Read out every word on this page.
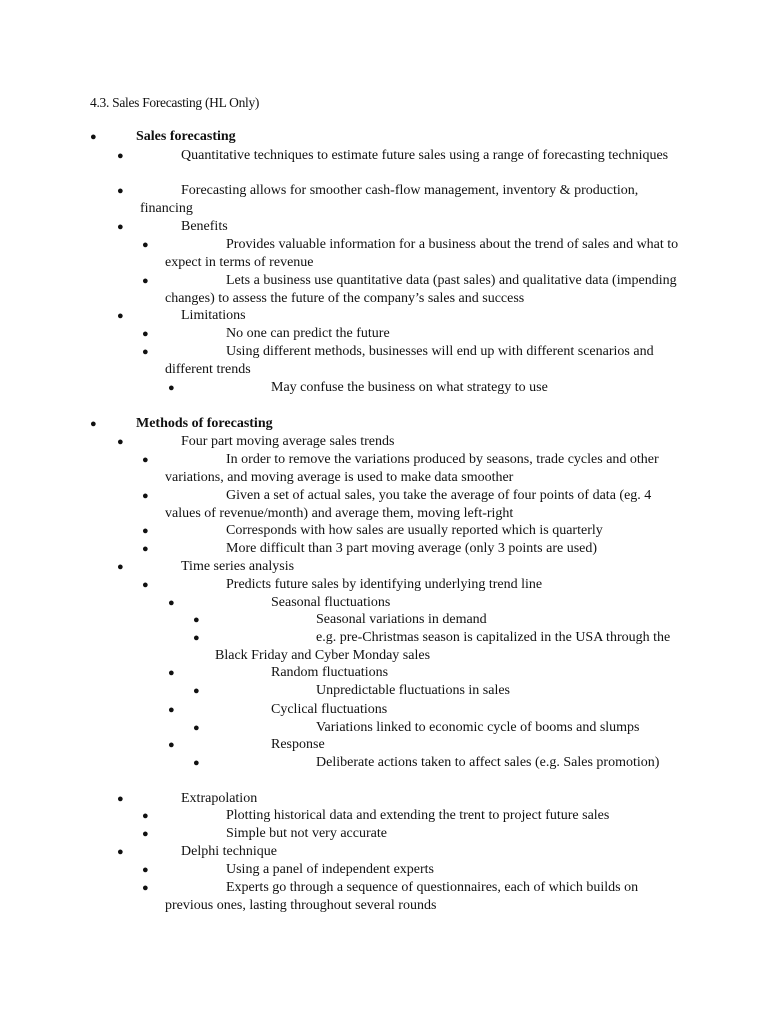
4.3. Sales Forecasting (HL Only)
●	Sales forecasting
●	Quantitative techniques to estimate future sales using a range of forecasting techniques
●	Forecasting allows for smoother cash-flow management, inventory & production, financing
●	Benefits
●	Provides valuable information for a business about the trend of sales and what to expect in terms of revenue
●	Lets a business use quantitative data (past sales) and qualitative data (impending changes) to assess the future of the company’s sales and success
●	Limitations
●	No one can predict the future
●	Using different methods, businesses will end up with different scenarios and different trends
●	May confuse the business on what strategy to use
●	Methods of forecasting
●	Four part moving average sales trends
●	In order to remove the variations produced by seasons, trade cycles and other variations, and moving average is used to make data smoother
●	Given a set of actual sales, you take the average of four points of data (eg. 4 values of revenue/month) and average them, moving left-right
●	Corresponds with how sales are usually reported which is quarterly
●	More difficult than 3 part moving average (only 3 points are used)
●	Time series analysis
●	Predicts future sales by identifying underlying trend line
●	Seasonal fluctuations
●	Seasonal variations in demand
●	e.g. pre-Christmas season is capitalized in the USA through the Black Friday and Cyber Monday sales
●	Random fluctuations
●	Unpredictable fluctuations in sales
●	Cyclical fluctuations
●	Variations linked to economic cycle of booms and slumps
●	Response
●	Deliberate actions taken to affect sales (e.g. Sales promotion)
●	Extrapolation
●	Plotting historical data and extending the trent to project future sales
●	Simple but not very accurate
●	Delphi technique
●	Using a panel of independent experts
●	Experts go through a sequence of questionnaires, each of which builds on previous ones, lasting throughout several rounds
